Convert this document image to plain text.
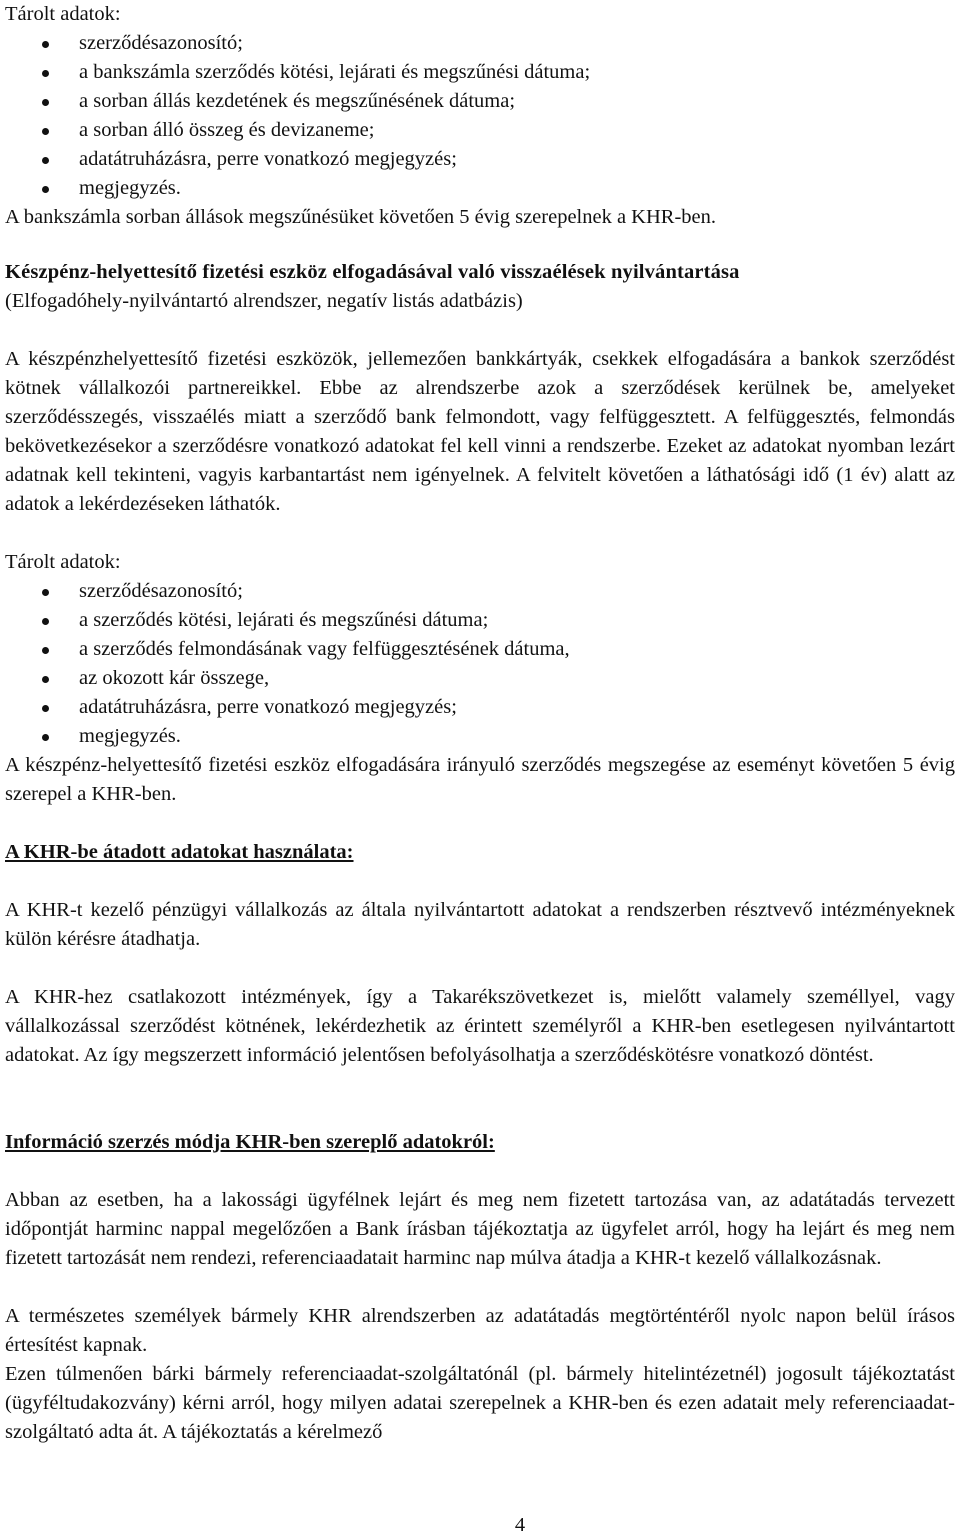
Tárolt adatok:

szerződésazonosító;
a bankszámla szerződés kötési, lejárati és megszűnési dátuma;
a sorban állás kezdetének és megszűnésének dátuma;
a sorban álló összeg és devizaneme;
adatátruházásra, perre vonatkozó megjegyzés;
megjegyzés.

A bankszámla sorban állások megszűnésüket követően 5 évig szerepelnek a KHR-ben.

Készpénz-helyettesítő fizetési eszköz elfogadásával való visszaélések nyilvántartása

(Elfogadóhely-nyilvántartó alrendszer, negatív listás adatbázis)

A készpénzhelyettesítő fizetési eszközök, jellemezően bankkártyák, csekkek elfogadására a bankok szerződést kötnek vállalkozói partnereikkel. Ebbe az alrendszerbe azok a szerződések kerülnek be, amelyeket szerződésszegés, visszaélés miatt a szerződő bank felmondott, vagy felfüggesztett. A felfüggesztés, felmondás bekövetkezésekor a szerződésre vonatkozó adatokat fel kell vinni a rendszerbe. Ezeket az adatokat nyomban lezárt adatnak kell tekinteni, vagyis karbantartást nem igényelnek. A felvitelt követően a láthatósági idő (1 év) alatt az adatok a lekérdezéseken láthatók.

Tárolt adatok:

szerződésazonosító;
a szerződés kötési, lejárati és megszűnési dátuma;
a szerződés felmondásának vagy felfüggesztésének dátuma,
az okozott kár összege,
adatátruházásra, perre vonatkozó megjegyzés;
megjegyzés.

A készpénz-helyettesítő fizetési eszköz elfogadására irányuló szerződés megszegése az eseményt követően 5 évig szerepel a KHR-ben.

A KHR-be átadott adatokat használata:

A KHR-t kezelő pénzügyi vállalkozás az általa nyilvántartott adatokat a rendszerben résztvevő intézményeknek külön kérésre átadhatja.

A KHR-hez csatlakozott intézmények, így a Takarékszövetkezet is, mielőtt valamely személlyel, vagy vállalkozással szerződést kötnének, lekérdezhetik az érintett személyről a KHR-ben esetlegesen nyilvántartott adatokat. Az így megszerzett információ jelentősen befolyásolhatja a szerződéskötésre vonatkozó döntést.

Információ szerzés módja KHR-ben szereplő adatokról:

Abban az esetben, ha a lakossági ügyfélnek lejárt és meg nem fizetett tartozása van, az adatátadás tervezett időpontját harminc nappal megelőzően a Bank írásban tájékoztatja az ügyfelet arról, hogy ha lejárt és meg nem fizetett tartozását nem rendezi, referenciaadatait harminc nap múlva átadja a KHR-t kezelő vállalkozásnak.

A természetes személyek bármely KHR alrendszerben az adatátadás megtörténtéről nyolc napon belül írásos értesítést kapnak.

Ezen túlmenően bárki bármely referenciaadat-szolgáltatónál (pl. bármely hitelintézetnél) jogosult tájékoztatást (ügyféltudakozvány) kérni arról, hogy milyen adatai szerepelnek a KHR-ben és ezen adatait mely referenciaadat-szolgáltató adta át. A tájékoztatás a kérelmező

4
